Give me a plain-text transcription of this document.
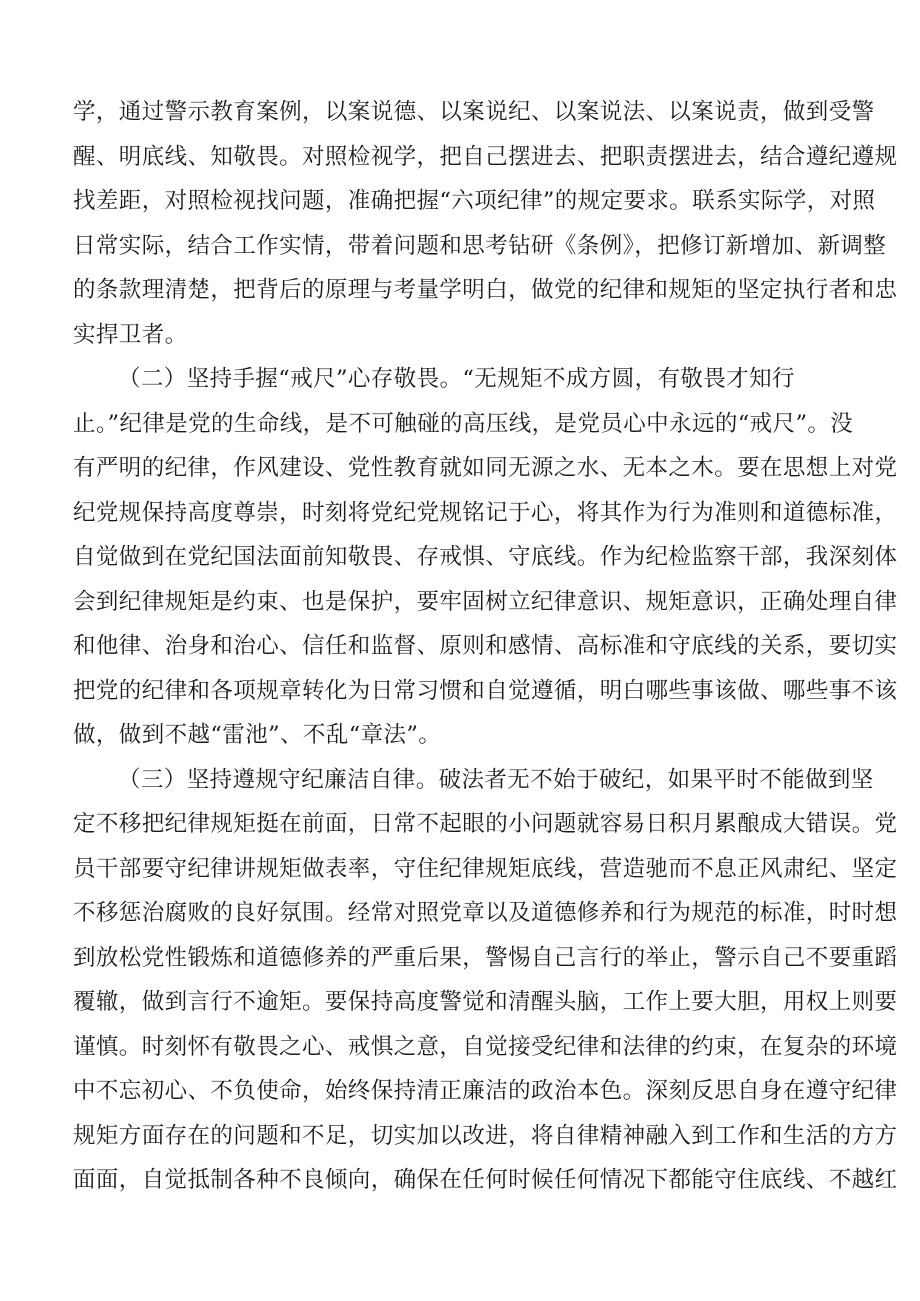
学，通过警示教育案例，以案说德、以案说纪、以案说法、以案说责，做到受警
醒、明底线、知敬畏。对照检视学，把自己摆进去、把职责摆进去，结合遵纪遵规
找差距，对照检视找问题，准确把握“六项纪律”的规定要求。联系实际学，对照
日常实际，结合工作实情，带着问题和思考钻研《条例》，把修订新增加、新调整
的条款理清楚，把背后的原理与考量学明白，做党的纪律和规矩的坚定执行者和忠
实捍卫者。
（二）坚持手握“戒尺”心存敬畏。“无规矩不成方圆，有敬畏才知行
止。”纪律是党的生命线，是不可触碰的高压线，是党员心中永远的“戒尺”。没
有严明的纪律，作风建设、党性教育就如同无源之水、无本之木。要在思想上对党
纪党规保持高度尊崇，时刻将党纪党规铭记于心，将其作为行为准则和道德标准，
自觉做到在党纪国法面前知敬畏、存戒惧、守底线。作为纪检监察干部，我深刻体
会到纪律规矩是约束、也是保护，要牢固树立纪律意识、规矩意识，正确处理自律
和他律、治身和治心、信任和监督、原则和感情、高标准和守底线的关系，要切实
把党的纪律和各项规章转化为日常习惯和自觉遵循，明白哪些事该做、哪些事不该
做，做到不越“雷池”、不乱“章法”。
（三）坚持遵规守纪廉洁自律。破法者无不始于破纪，如果平时不能做到坚
定不移把纪律规矩挺在前面，日常不起眼的小问题就容易日积月累酿成大错误。党
员干部要守纪律讲规矩做表率，守住纪律规矩底线，营造驰而不息正风肃纪、坚定
不移惩治腐败的良好氛围。经常对照党章以及道德修养和行为规范的标准，时时想
到放松党性锻炼和道德修养的严重后果，警惕自己言行的举止，警示自己不要重蹈
覆辙，做到言行不逾矩。要保持高度警觉和清醒头脑，工作上要大胆，用权上则要
谨慎。时刻怀有敬畏之心、戒惧之意，自觉接受纪律和法律的约束，在复杂的环境
中不忘初心、不负使命，始终保持清正廉洁的政治本色。深刻反思自身在遵守纪律
规矩方面存在的问题和不足，切实加以改进，将自律精神融入到工作和生活的方方
面面，自觉抵制各种不良倾向，确保在任何时候任何情况下都能守住底线、不越红
